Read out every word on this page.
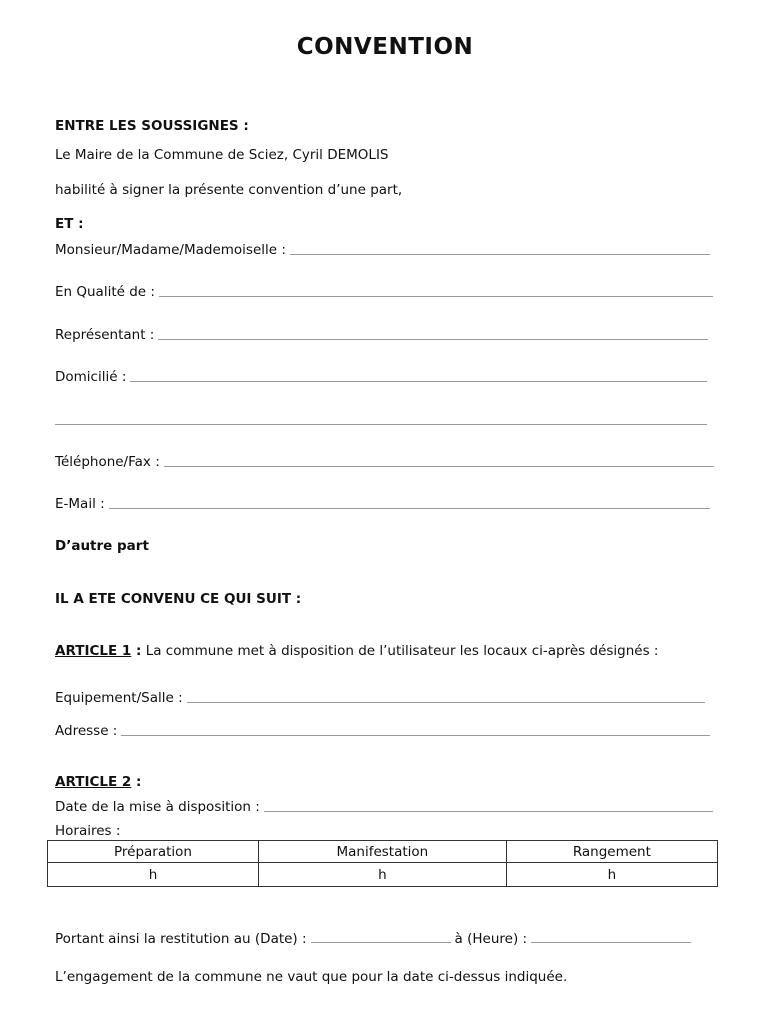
CONVENTION
ENTRE LES SOUSSIGNES :
Le Maire de la Commune de Sciez, Cyril DEMOLIS
habilité à signer la présente convention d’une part,
ET :
Monsieur/Madame/Mademoiselle :
En Qualité de :
Représentant :
Domicilié :
Téléphone/Fax :
E-Mail :
D’autre part
IL A ETE CONVENU CE QUI SUIT :
ARTICLE 1 : La commune met à disposition de l’utilisateur les locaux ci-après désignés :
Equipement/Salle :
Adresse :
ARTICLE 2 :
Date de la mise à disposition :
Horaires :
Préparation	Manifestation	Rangement
h	h	h
Portant ainsi la restitution au (Date) :	à (Heure) :
L’engagement de la commune ne vaut que pour la date ci-dessus indiquée.
